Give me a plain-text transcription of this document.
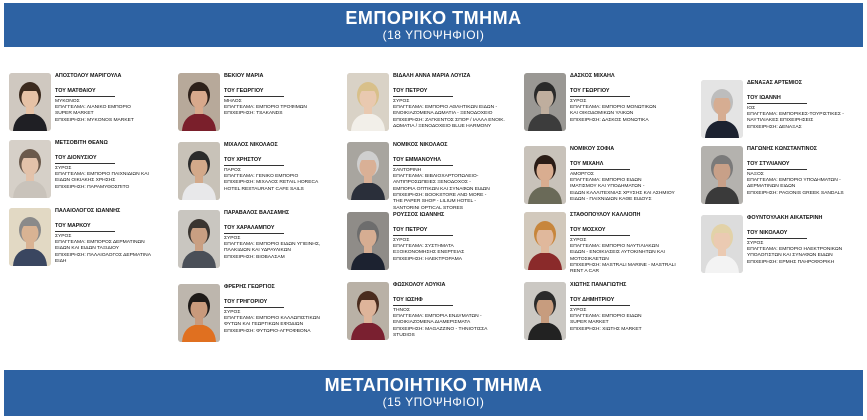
ΕΜΠΟΡΙΚΟ ΤΜΗΜΑ
(18 ΥΠΟΨΗΦΙΟΙ)
ΑΠΟΣΤΟΛΟΥ ΜΑΡΙΓΟΥΛΑ
ΤΟΥ ΜΑΤΘΑΙΟΥ
ΜΥΚΟΝΟΣ
ΕΠΑΓΓΕΛΜΑ: ΛΙΑΝΙΚΟ ΕΜΠΟΡΙΟ
SUPER MARKET
ΕΠΙΧΕΙΡΗΣΗ: MYKONOS MARKET
ΜΕΤΣΟΒΙΤΗ ΘΕΑΝΩ
ΤΟΥ ΔΙΟΝΥΣΙΟΥ
ΣΥΡΟΣ
ΕΠΑΓΓΕΛΜΑ: ΕΜΠΟΡΙΟ ΠΑΙΧΝΙΔΙΩΝ ΚΑΙ
ΕΙΔΩΝ ΟΙΚΙΑΚΗΣ ΧΡΗΣΗΣ
ΕΠΙΧΕΙΡΗΣΗ: ΠΑΡΑΜΥΘΟΣΠΙΤΟ
ΠΑΛΑΙΟΛΟΓΟΣ ΙΩΑΝΝΗΣ
ΤΟΥ ΜΑΡΚΟΥ
ΣΥΡΟΣ
ΕΠΑΓΓΕΛΜΑ: ΕΜΠΟΡΟΣ ΔΕΡΜΑΤΙΝΩΝ
ΕΙΔΩΝ ΚΑΙ ΕΙΔΩΝ ΤΑΞΙΔΙΟΥ
ΕΠΙΧΕΙΡΗΣΗ: ΠΑΛΑΙΟΛΟΓΟΣ ΔΕΡΜΑΤΙΝΑ
ΕΙΔΗ
ΒΕΚΙΟΥ ΜΑΡΙΑ
ΤΟΥ ΓΕΩΡΓΙΟΥ
ΜΗΛΟΣ
ΕΠΑΓΓΕΛΜΑ: ΕΜΠΟΡΙΟ ΤΡΟΦΙΜΩΝ
ΕΠΙΧΕΙΡΗΣΗ: TSAKANDS
ΜΙΧΑΛΟΣ ΝΙΚΟΛΑΟΣ
ΤΟΥ ΧΡΗΣΤΟΥ
ΠΑΡΟΣ
ΕΠΑΓΓΕΛΜΑ: ΓΕΝΙΚΟ ΕΜΠΟΡΙΟ
ΕΠΙΧΕΙΡΗΣΗ: ΜΙΧΑΛΟΣ RETAIL HORECA
HOTEL RESTAURANT CAFE SAILS
ΠΑΡΑΒΑΛΟΣ ΒΑΛΣΑΜΗΣ
ΤΟΥ ΧΑΡΑΛΑΜΠΟΥ
ΣΥΡΟΣ
ΕΠΑΓΓΕΛΜΑ: ΕΜΠΟΡΙΟ ΕΙΔΩΝ ΥΓΙΕΙΝΗΣ,
ΠΛΑΚΙΔΙΩΝ ΚΑΙ ΥΔΡΑΥΛΙΚΩΝ
ΕΠΙΧΕΙΡΗΣΗ: ΒΙΟΒΑΛΣΑΜ
ΦΡΕΡΗΣ ΓΕΩΡΓΙΟΣ
ΤΟΥ ΓΡΗΓΟΡΙΟΥ
ΣΥΡΟΣ
ΕΠΑΓΓΕΛΜΑ: ΕΜΠΟΡΙΟ ΚΑΛΛΩΠΙΣΤΙΚΩΝ
ΦΥΤΩΝ ΚΑΙ ΓΕΩΡΓΙΚΩΝ ΕΦΟΔΙΩΝ
ΕΠΙΧΕΙΡΗΣΗ: ΦΥΤΩΡΙΟ-ΑΓΡΟΦΒΟΝΑ
ΒΙΔΑΛΗ ΑΝΝΑ ΜΑΡΙΑ ΛΟΥΙΖΑ
ΤΟΥ ΠΕΤΡΟΥ
ΣΥΡΟΣ
ΕΠΑΓΓΕΛΜΑ: ΕΜΠΟΡΙΟ ΑΘΛΗΤΙΚΩΝ ΕΙΔΩΝ -
ΕΝΟΙΚΙΑΖΟΜΕΝΑ ΔΩΜΑΤΙΑ - ΞΕΝΟΔΟΧΕΙΟ
ΕΠΙΧΕΙΡΗΣΗ: ΖΑΓΚΕΝΤΟΣ ΣΠΟΡ / ΙΑΛΛΑ ΕΝΟΙΚ.
ΔΩΜΑΤΙΑ / ΞΕΝΟΔΟΧΕΙΟ BLUE HARMONY
ΝΟΜΙΚΟΣ ΝΙΚΟΛΑΟΣ
ΤΟΥ ΕΜΜΑΝΟΥΗΛ
ΣΑΝΤΟΡΙΝΗ
ΕΠΑΓΓΕΛΜΑ: ΒΙΒΛΙΟΧΑΡΤΟΠΩΛΕΙΟ-
ΑΝΤΙΠΡΟΣΩΠΕΙΕΣ ΞΕΝΟΔΟΧΟΣ -
ΕΜΠΟΡΙΑ ΟΠΤΙΚΩΝ ΚΑΙ ΣΥΝΑΦΩΝ ΕΙΔΩΝ
ΕΠΙΧΕΙΡΗΣΗ: BOOKSTORE AND MORE -
THE PAPER SHOP - LILIUM HOTEL -
SANTORINI OPTICAL STORES
ΡΟΥΣΣΟΣ ΙΩΑΝΝΗΣ
ΤΟΥ ΠΕΤΡΟΥ
ΣΥΡΟΣ
ΕΠΑΓΓΕΛΜΑ: ΣΥΣΤΗΜΑΤΑ
ΕΞΟΙΚΟΝΟΜΗΣΗΣ ΕΝΕΡΓΕΙΑΣ
ΕΠΙΧΕΙΡΗΣΗ: ΗΛΕΚΤΡΟΡΑΜΑ
ΦΩΣΚΟΛΟΥ ΛΟΥΚΙΑ
ΤΟΥ ΙΩΣΗΦ
ΤΗΝΟΣ
ΕΠΑΓΓΕΛΜΑ: ΕΜΠΟΡΙΑ ΕΝΔΥΜΑΤΩΝ -
ΕΝΟΙΚΙΑΖΟΜΕΝΑ ΔΙΑΜΕΡΙΣΜΑΤΑ
ΕΠΙΧΕΙΡΗΣΗ: MAGAZZINO - ΤΗΝΙΟΤΙΣΣΑ
STUDIOS
ΔΑΣΚΟΣ ΜΙΧΑΗΛ
ΤΟΥ ΓΕΩΡΓΙΟΥ
ΣΥΡΟΣ
ΕΠΑΓΓΕΛΜΑ: ΕΜΠΟΡΙΟ ΜΟΝΩΤΙΚΩΝ
ΚΑΙ ΟΙΚΟΔΟΜΙΚΩΝ ΥΛΙΚΩΝ
ΕΠΙΧΕΙΡΗΣΗ: ΔΑΣΚΟΣ ΜΟΝΩΤΙΚΑ
ΝΟΜΙΚΟΥ ΣΟΦΙΑ
ΤΟΥ ΜΙΧΑΗΛ
ΑΜΟΡΓΟΣ
ΕΠΑΓΓΕΛΜΑ: ΕΜΠΟΡΙΟ ΕΙΔΩΝ
ΙΜΑΤΙΣΜΟΥ ΚΑΙ ΥΠΟΔΗΜΑΤΩΝ -
ΕΙΔΩΝ ΚΑΛΛΙΤΕΧΝΙΑΣ ΧΡΥΣΗΣ ΚΑΙ ΑΣΗΜΙΟΥ
ΕΙΔΩΝ - ΠΑΙΧΝΙΔΙΩΝ ΚΑΘΕ ΕΙΔΟΥΣ
ΣΤΑΘΟΠΟΥΛΟΥ ΚΑΛΛΙΟΠΗ
ΤΟΥ ΜΟΣΧΟΥ
ΣΥΡΟΣ
ΕΠΑΓΓΕΛΜΑ: ΕΜΠΟΡΙΟ ΝΑΥΤΙΛΙΑΚΩΝ
ΕΙΔΩΝ - ΕΝΟΙΚΙΑΣΕΙΣ ΑΥΤΟΚΙΝΗΤΩΝ ΚΑΙ
ΜΟΤΟΣΙΚΛΕΤΩΝ
ΕΠΙΧΕΙΡΗΣΗ: MASTRALI MARINE - MASTRALI
RENT A CAR
ΧΙΩΤΗΣ ΠΑΝΑΓΙΩΤΗΣ
ΤΟΥ ΔΗΜΗΤΡΙΟΥ
ΣΥΡΟΣ
ΕΠΑΓΓΕΛΜΑ: ΕΜΠΟΡΙΟ ΕΙΔΩΝ
SUPER MARKET
ΕΠΙΧΕΙΡΗΣΗ: ΧΙΩΤΗΣ MARKET
ΔΕΝΑΞΑΣ ΑΡΤΕΜΙΟΣ
ΤΟΥ ΙΩΑΝΝΗ
ΙΟΣ
ΕΠΑΓΓΕΛΜΑ: ΕΜΠΟΡΙΚΕΣ-ΤΟΥΡΙΣΤΙΚΕΣ -
ΝΑΥΤΙΛΙΑΚΕΣ ΕΠΙΧΕΙΡΗΣΕΙΣ
ΕΠΙΧΕΙΡΗΣΗ: ΔΕΝΑΞΑΣ
ΠΑΓΩΝΗΣ ΚΩΝΣΤΑΝΤΙΝΟΣ
ΤΟΥ ΣΤΥΛΙΑΝΟΥ
ΝΑΞΟΣ
ΕΠΑΓΓΕΛΜΑ: ΕΜΠΟΡΙΟ ΥΠΟΔΗΜΑΤΩΝ -
ΔΕΡΜΑΤΙΝΩΝ ΕΙΔΩΝ
ΕΠΙΧΕΙΡΗΣΗ: PAGONIS GREEK SANDALS
ΦΟΥΝΤΟΥΛΑΚΗ ΑΙΚΑΤΕΡΙΝΗ
ΤΟΥ ΝΙΚΟΛΑΟΥ
ΣΥΡΟΣ
ΕΠΑΓΓΕΛΜΑ: ΕΜΠΟΡΙΟ ΗΛΕΚΤΡΟΝΙΚΩΝ
ΥΠΟΛΟΓΙΣΤΩΝ ΚΑΙ ΣΥΝΑΦΩΝ ΕΙΔΩΝ
ΕΠΙΧΕΙΡΗΣΗ: ΕΡΜΗΣ ΠΛΗΡΟΦΟΡΙΚΗ
ΜΕΤΑΠΟΙΗΤΙΚΟ ΤΜΗΜΑ
(15 ΥΠΟΨΗΦΙΟΙ)
